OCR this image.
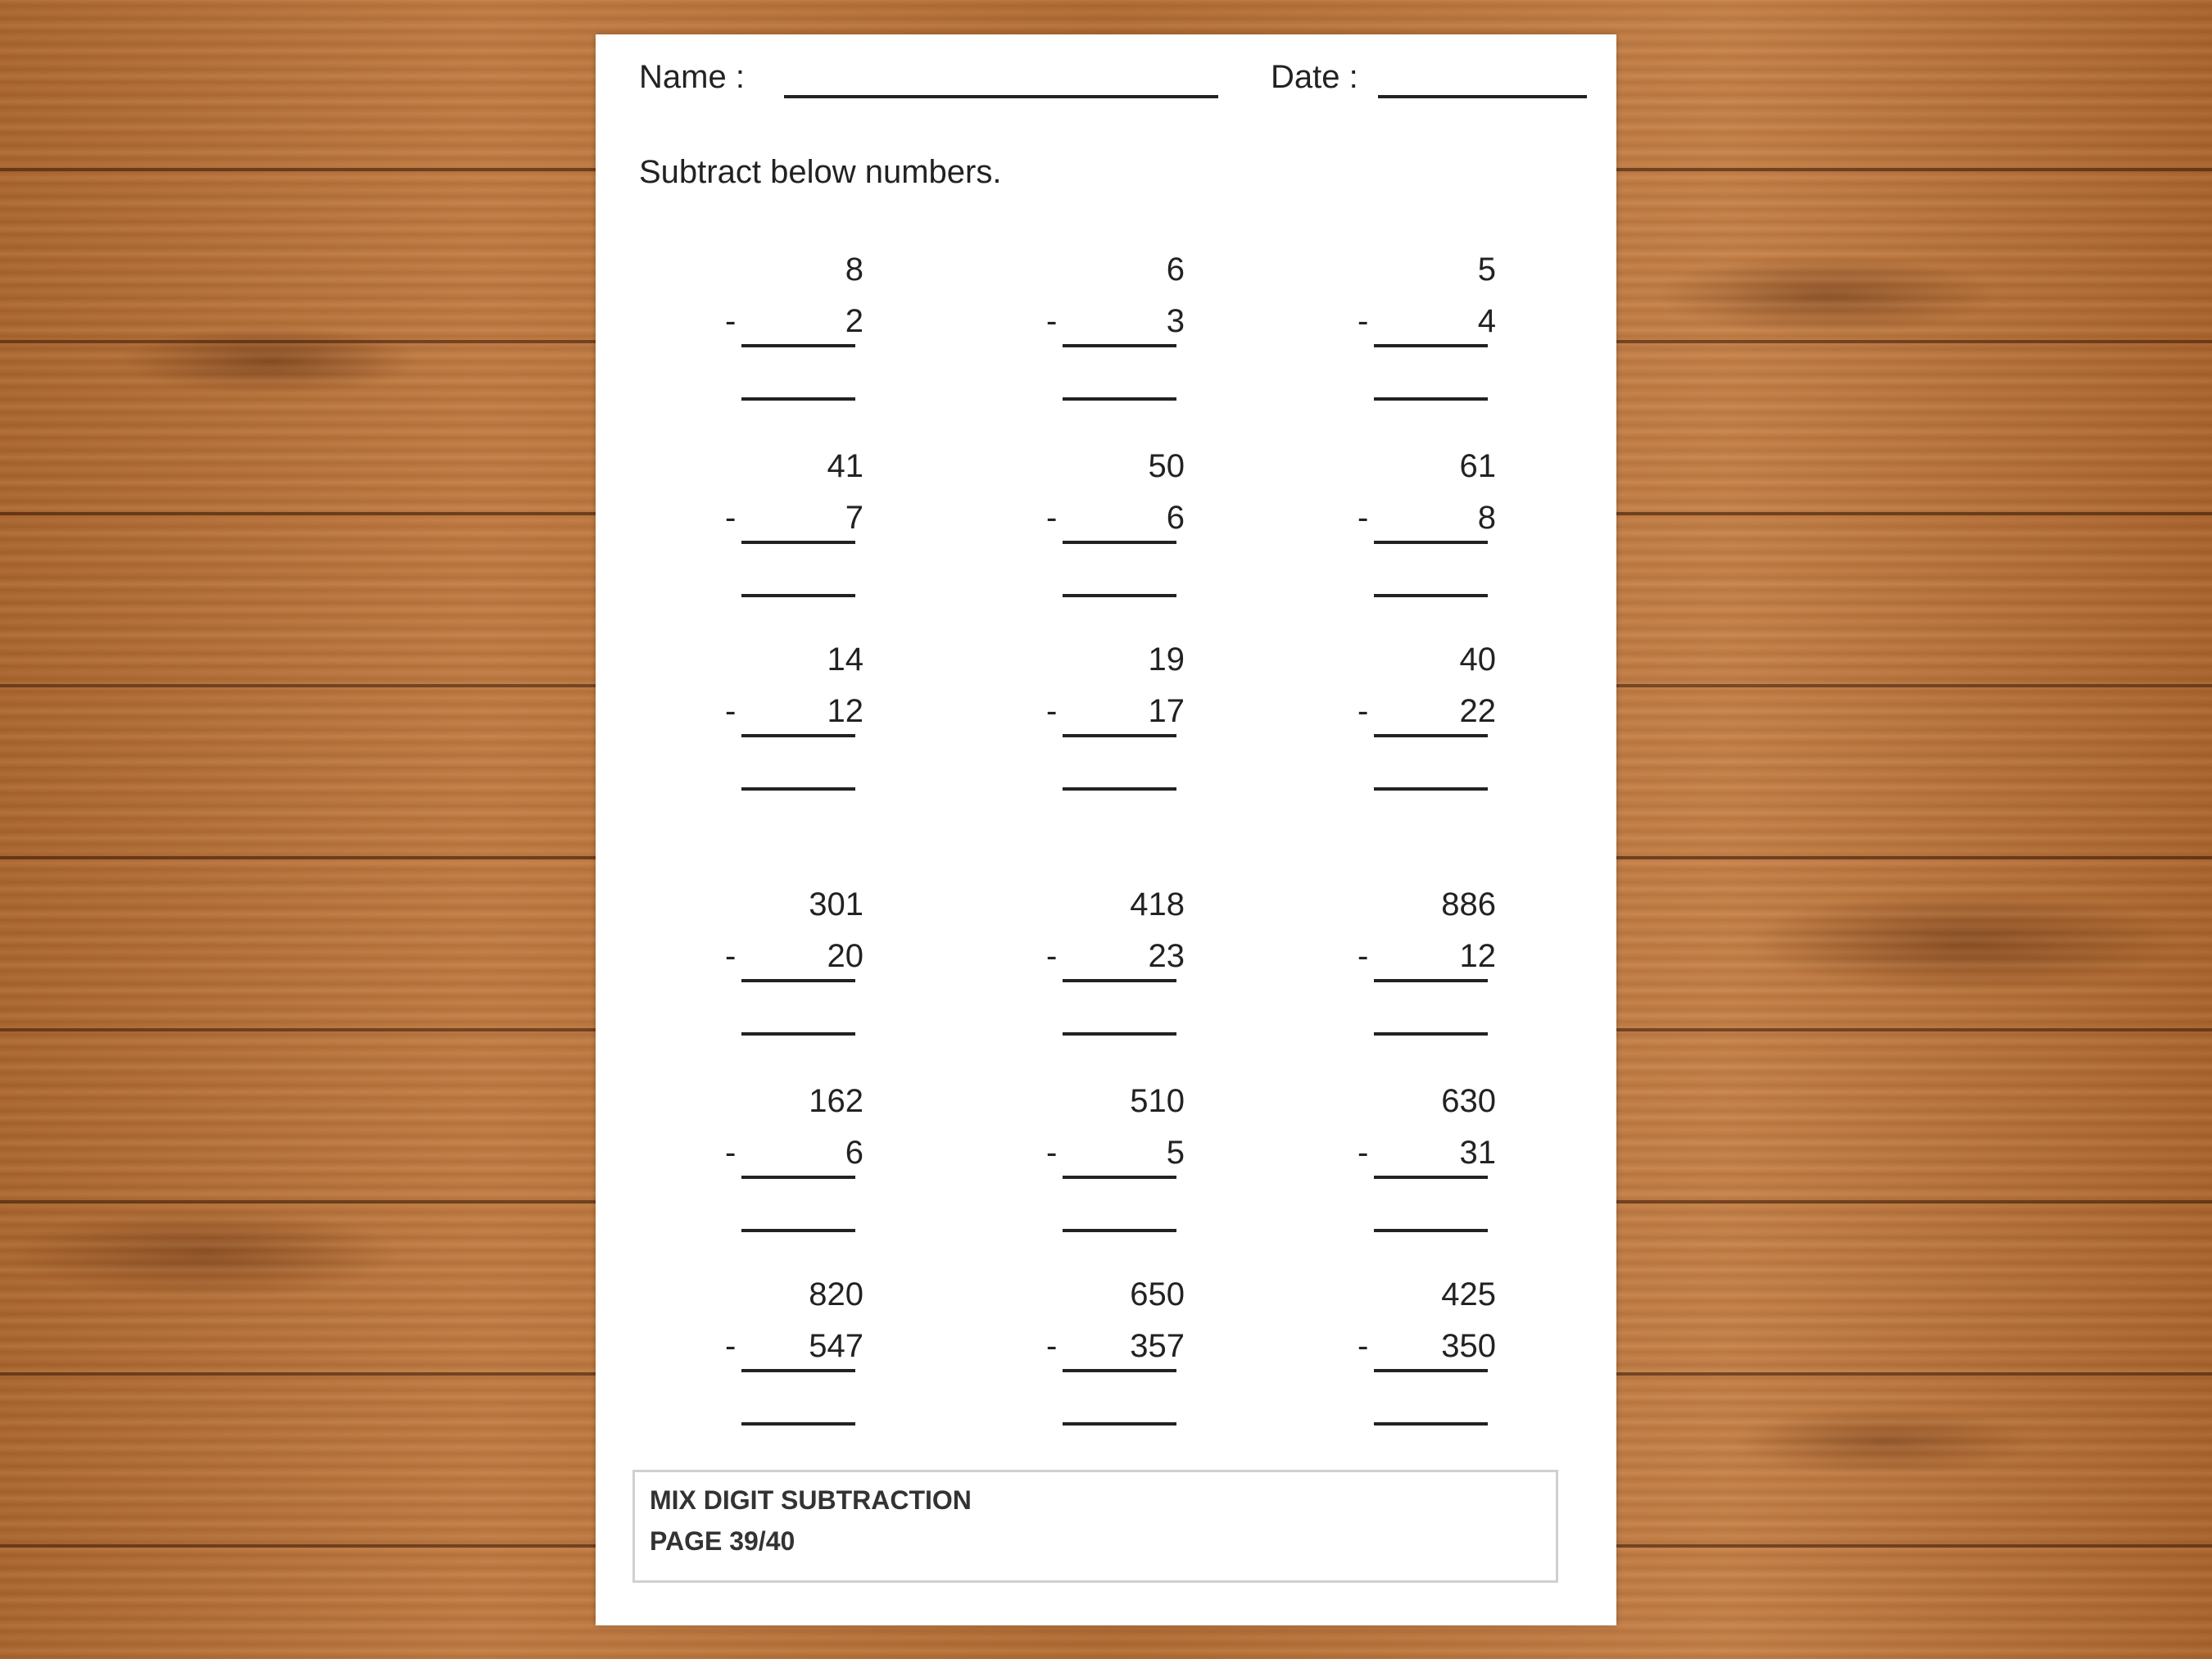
Name :	Date :
Subtract below numbers.
8
-	2
6
-	3
5
-	4
41
-	7
50
-	6
61
-	8
14
-	12
19
-	17
40
-	22
301
-	20
418
-	23
886
-	12
162
-	6
510
-	5
630
-	31
820
-	547
650
-	357
425
-	350
MIX DIGIT SUBTRACTION
PAGE 39/40
